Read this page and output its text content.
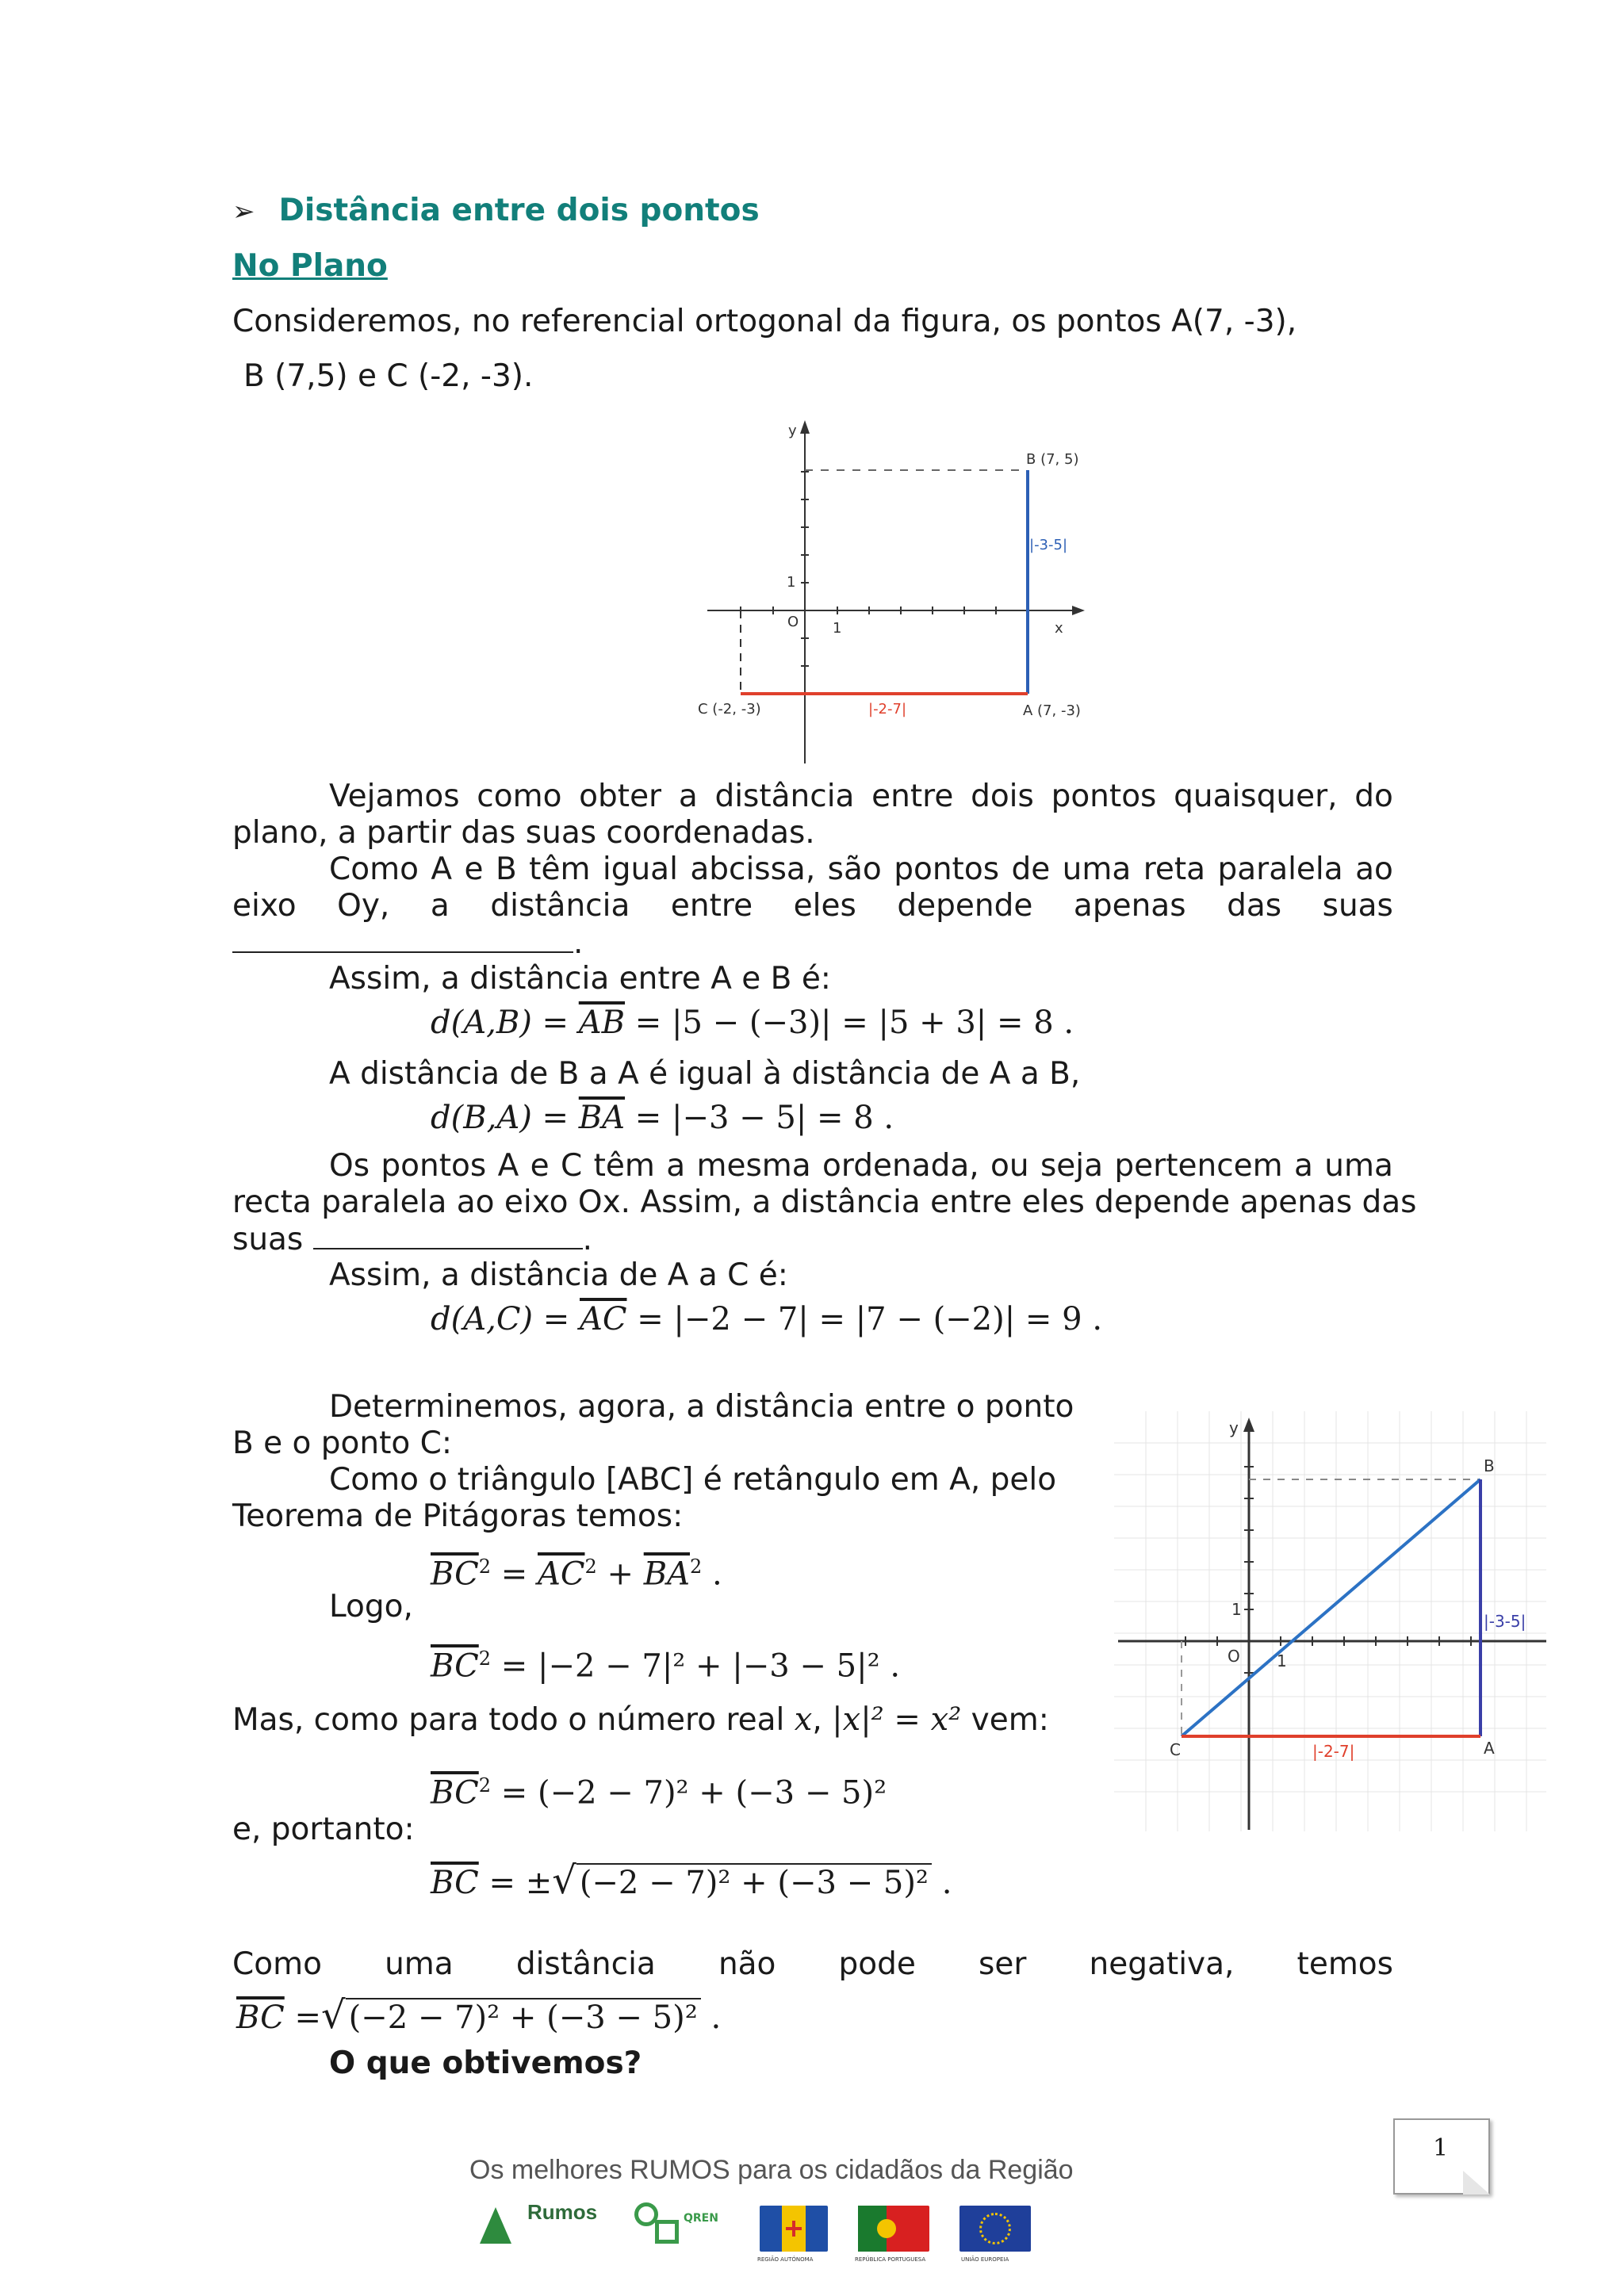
➢ Distância entre dois pontos
No Plano
Consideremos, no referencial ortogonal da figura, os pontos A(7, -3),
B (7,5) e C (-2, -3).
y
x
O 1
1
B (7, 5)
|-3-5|
|-2-7|	A (7, -3)
C (-2, -3)
Vejamos como obter a distância entre dois pontos quaisquer, do
plano, a partir das suas coordenadas.
Como A e B têm igual abcissa, são pontos de uma reta paralela ao
eixo Oy, a distância entre eles depende apenas das suas
.
Assim, a distância entre A e B é:
$d(A,B) = \overline{AB} = |5 - (-3)| = |5 + 3| = 8$ .
A distância de B a A é igual à distância de A a B,
$d(B,A) = \overline{BA} = |-3 - 5| = 8$ .
Os pontos A e C têm a mesma ordenada, ou seja pertencem a uma
recta paralela ao eixo Ox. Assim, a distância entre eles depende apenas das
suas	.
Assim, a distância de A a C é:
$d(A,C) = \overline{AC} = |-2 - 7| = |7 - (-2)| = 9$ .
Determinemos, agora, a distância entre o ponto
B e o ponto C:
Como o triângulo [ABC] é retângulo em A, pelo
Teorema de Pitágoras temos:
$\overline{BC}^2 = \overline{AC}^2 + \overline{BA}^2$ .
Logo,
$\overline{BC}^2 = |-2 - 7|^2 + |-3 - 5|^2$ .
Mas, como para todo o número real x, |x|² = x² vem:
$\overline{BC}^2 = (-2 - 7)^2 + (-3 - 5)^2$
e, portanto:
$\overline{BC}$ = ±√ (−2 − 7)² + (−3 − 5)² .
Como uma distância não pode ser negativa, temos
$\overline{BC}$ =√ (−2 − 7)² + (−3 − 5)² .
O que obtivemos?
y
O 1
1
B
A
C
|-3-5|
|-2-7|
1
Os melhores RUMOS para os cidadãos da Região
Rumos	QREN
REGIÃO AUTÓNOMA	REPÚBLICA PORTUGUESA	UNIÃO EUROPEIA
